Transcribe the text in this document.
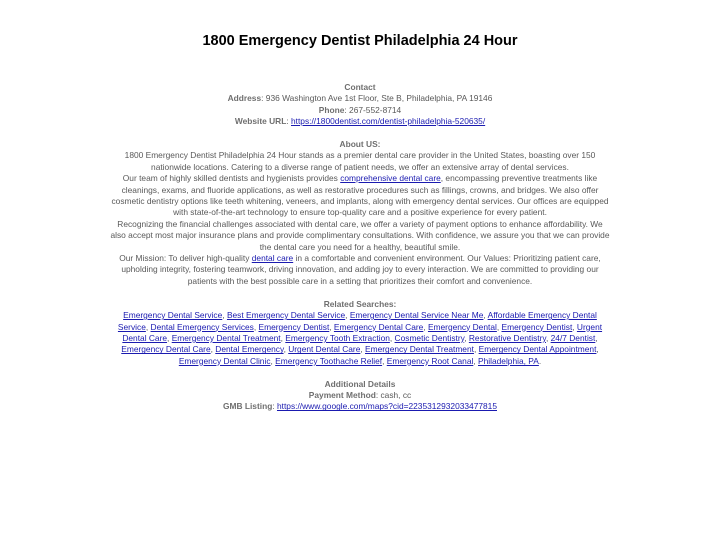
1800 Emergency Dentist Philadelphia 24 Hour

Contact

Address: 936 Washington Ave 1st Floor, Ste B, Philadelphia, PA 19146

Phone: 267-552-8714

Website URL: https://1800dentist.com/dentist-philadelphia-520635/

About US:

1800 Emergency Dentist Philadelphia 24 Hour stands as a premier dental care provider in the United States, boasting over 150 nationwide locations. Catering to a diverse range of patient needs, we offer an extensive array of dental services.

Our team of highly skilled dentists and hygienists provides comprehensive dental care, encompassing preventive treatments like cleanings, exams, and fluoride applications, as well as restorative procedures such as fillings, crowns, and bridges. We also offer cosmetic dentistry options like teeth whitening, veneers, and implants, along with emergency dental services. Our offices are equipped with state-of-the-art technology to ensure top-quality care and a positive experience for every patient.

Recognizing the financial challenges associated with dental care, we offer a variety of payment options to enhance affordability. We also accept most major insurance plans and provide complimentary consultations. With confidence, we assure you that we can provide the dental care you need for a healthy, beautiful smile.

Our Mission: To deliver high-quality dental care in a comfortable and convenient environment. Our Values: Prioritizing patient care, upholding integrity, fostering teamwork, driving innovation, and adding joy to every interaction. We are committed to providing our patients with the best possible care in a setting that prioritizes their comfort and convenience.

Related Searches:

Emergency Dental Service, Best Emergency Dental Service, Emergency Dental Service Near Me, Affordable Emergency Dental Service, Dental Emergency Services, Emergency Dentist, Emergency Dental Care, Emergency Dental, Emergency Dentist, Urgent Dental Care, Emergency Dental Treatment, Emergency Tooth Extraction, Cosmetic Dentistry, Restorative Dentistry, 24/7 Dentist, Emergency Dental Care, Dental Emergency, Urgent Dental Care, Emergency Dental Treatment, Emergency Dental Appointment, Emergency Dental Clinic, Emergency Toothache Relief, Emergency Root Canal, Philadelphia, PA.

Additional Details

Payment Method: cash, cc

GMB Listing: https://www.google.com/maps?cid=2235312932033477815
